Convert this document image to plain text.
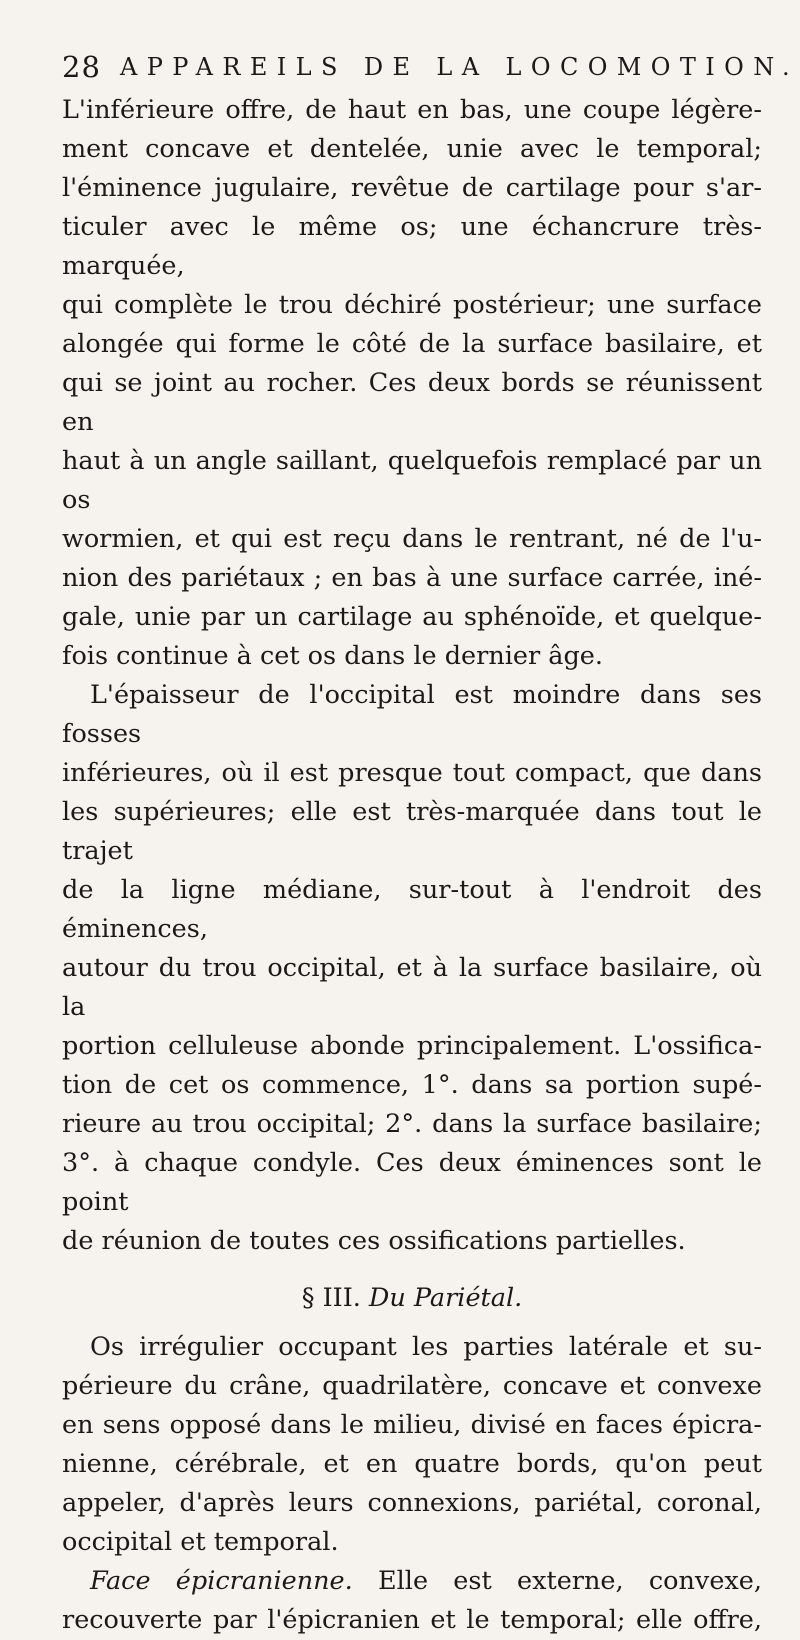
28 APPAREILS DE LA LOCOMOTION.

L'inférieure offre, de haut en bas, une coupe légère-

ment concave et dentelée, unie avec le temporal;

l'éminence jugulaire, revêtue de cartilage pour s'ar-

ticuler avec le même os; une échancrure très-marquée,

qui complète le trou déchiré postérieur; une surface

alongée qui forme le côté de la surface basilaire, et

qui se joint au rocher. Ces deux bords se réunissent en

haut à un angle saillant, quelquefois remplacé par un os

wormien, et qui est reçu dans le rentrant, né de l'u-

nion des pariétaux ; en bas à une surface carrée, iné-

gale, unie par un cartilage au sphénoïde, et quelque-

fois continue à cet os dans le dernier âge.

L'épaisseur de l'occipital est moindre dans ses fosses

inférieures, où il est presque tout compact, que dans

les supérieures; elle est très-marquée dans tout le trajet

de la ligne médiane, sur-tout à l'endroit des éminences,

autour du trou occipital, et à la surface basilaire, où la

portion celluleuse abonde principalement. L'ossifica-

tion de cet os commence, 1°. dans sa portion supé-

rieure au trou occipital; 2°. dans la surface basilaire;

3°. à chaque condyle. Ces deux éminences sont le point

de réunion de toutes ces ossifications partielles.

§ III. Du Pariétal.

Os irrégulier occupant les parties latérale et su-

périeure du crâne, quadrilatère, concave et convexe

en sens opposé dans le milieu, divisé en faces épicra-

nienne, cérébrale, et en quatre bords, qu'on peut

appeler, d'après leurs connexions, pariétal, coronal,

occipital et temporal.

Face épicranienne. Elle est externe, convexe,

recouverte par l'épicranien et le temporal; elle offre,
